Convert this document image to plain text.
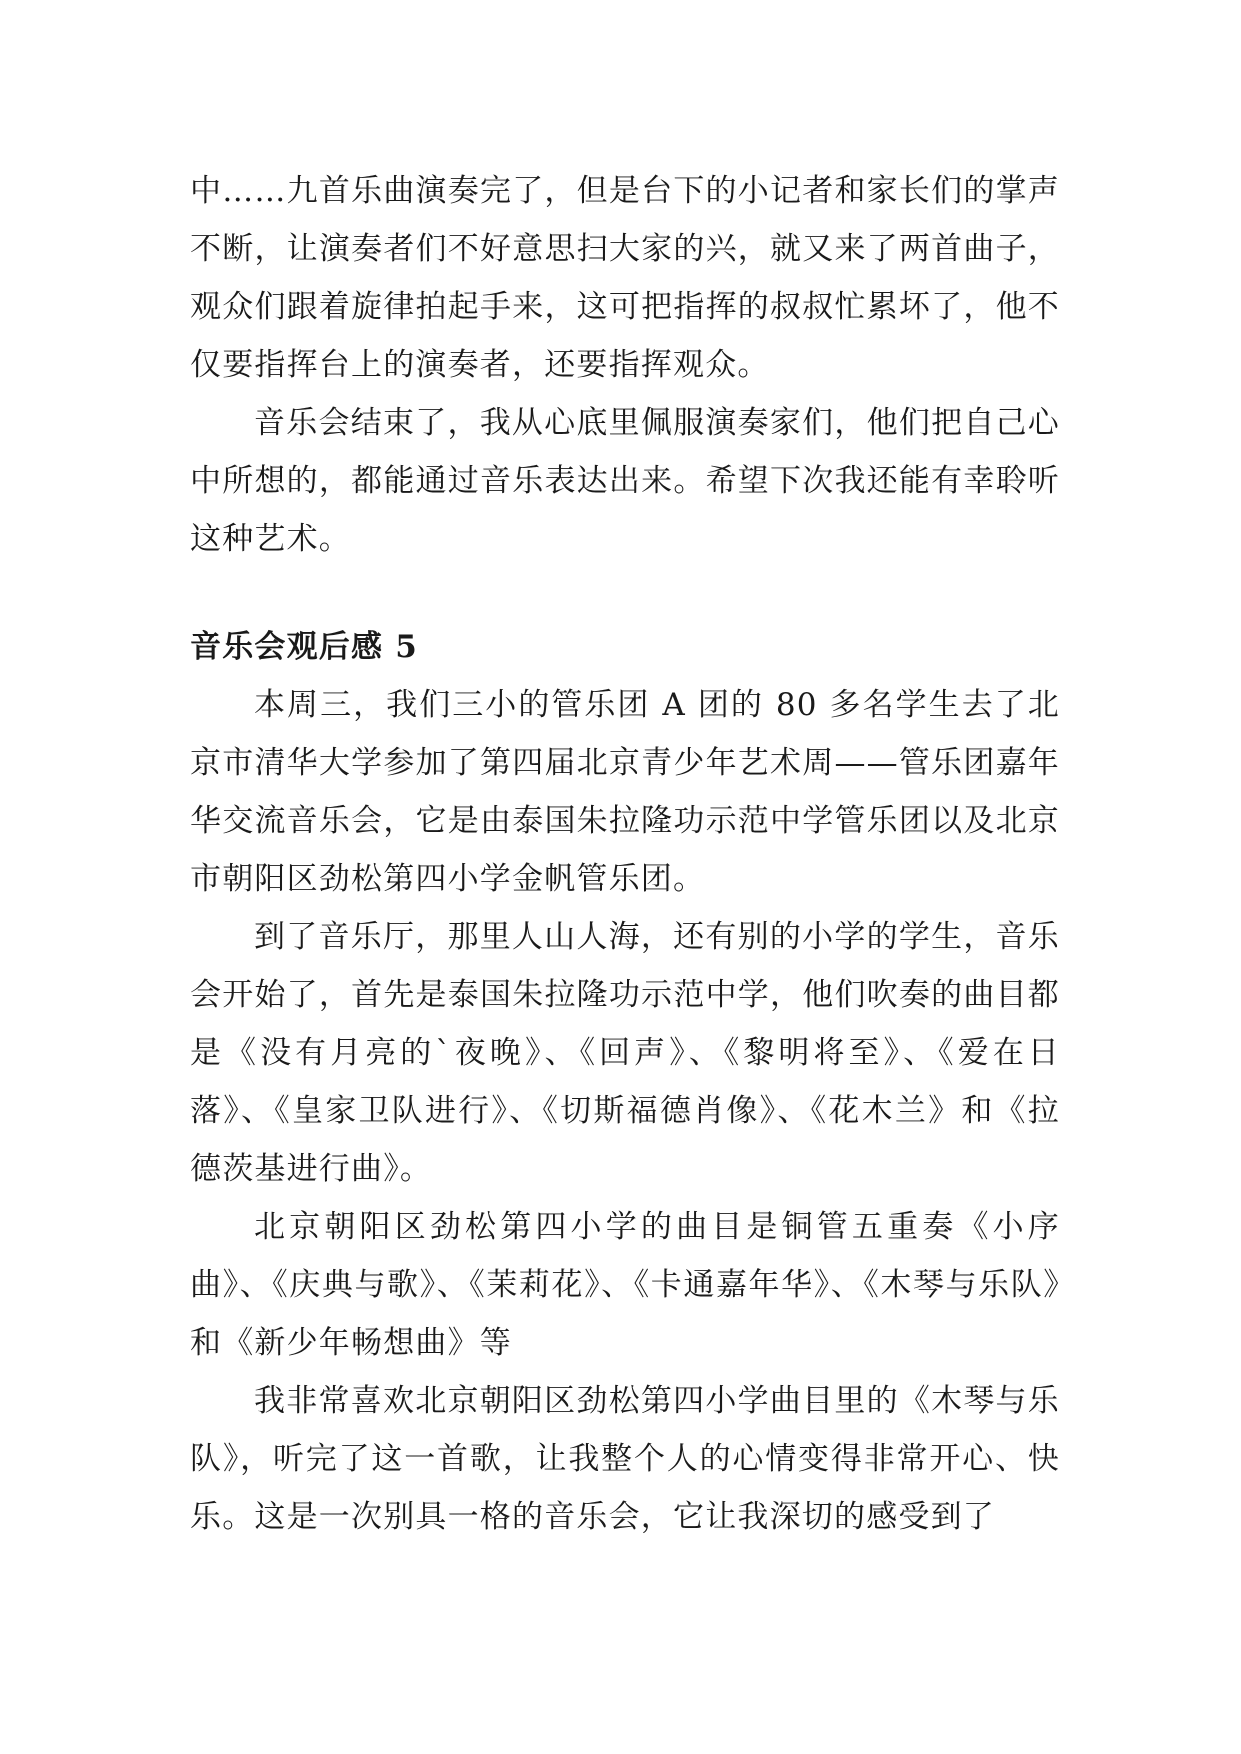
中……九首乐曲演奏完了，但是台下的小记者和家长们的掌声不断，让演奏者们不好意思扫大家的兴，就又来了两首曲子，观众们跟着旋律拍起手来，这可把指挥的叔叔忙累坏了，他不仅要指挥台上的演奏者，还要指挥观众。

音乐会结束了，我从心底里佩服演奏家们，他们把自己心中所想的，都能通过音乐表达出来。希望下次我还能有幸聆听这种艺术。

音乐会观后感 5

本周三，我们三小的管乐团 A 团的 80 多名学生去了北京市清华大学参加了第四届北京青少年艺术周——管乐团嘉年华交流音乐会，它是由泰国朱拉隆功示范中学管乐团以及北京市朝阳区劲松第四小学金帆管乐团。

到了音乐厅，那里人山人海，还有别的小学的学生，音乐会开始了，首先是泰国朱拉隆功示范中学，他们吹奏的曲目都是《没有月亮的`夜晚》、《回声》、《黎明将至》、《爱在日落》、《皇家卫队进行》、《切斯福德肖像》、《花木兰》和《拉德茨基进行曲》。

北京朝阳区劲松第四小学的曲目是铜管五重奏《小序曲》、《庆典与歌》、《茉莉花》、《卡通嘉年华》、《木琴与乐队》和《新少年畅想曲》等

我非常喜欢北京朝阳区劲松第四小学曲目里的《木琴与乐队》，听完了这一首歌，让我整个人的心情变得非常开心、快乐。这是一次别具一格的音乐会，它让我深切的感受到了
